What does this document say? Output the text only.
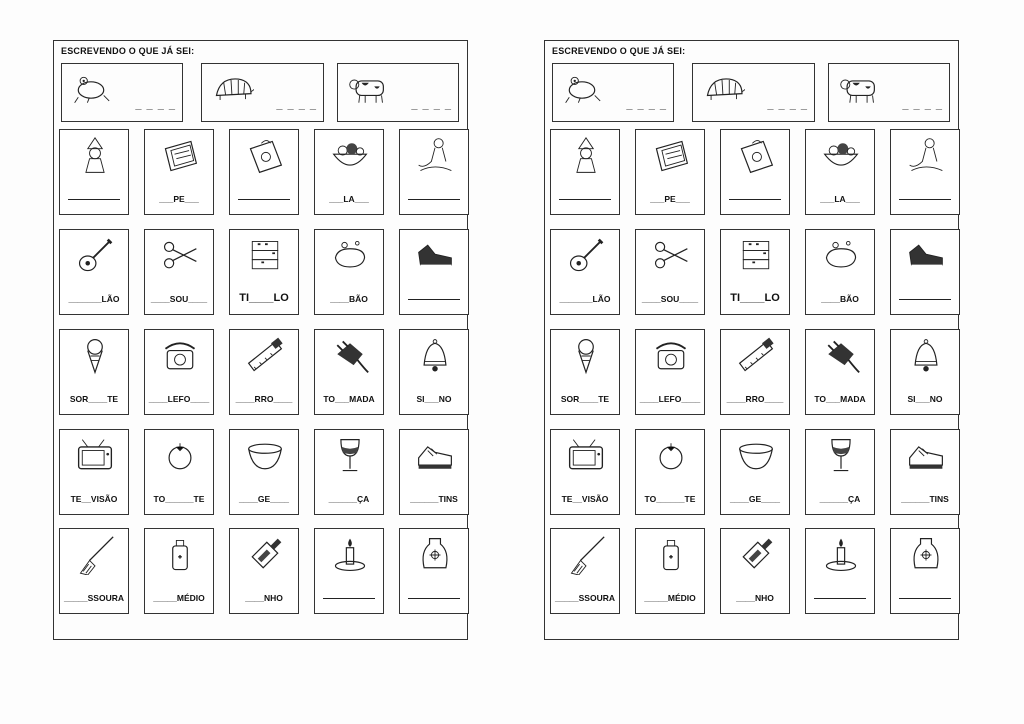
ESCREVENDO O QUE JÁ SEI:
_ _ _ _	_ _ _ _	_ _ _ _
___PE___	___LA___
_______LÃO	____SOU____	TI____LO	____BÃO
SOR____TE	____LEFO____	____RRO____	TO___MADA	SI___NO
TE__VISÃO	TO______TE	____GE____	______ÇA	______TINS
_____SSOURA	_____MÉDIO	____NHO
ESCREVENDO O QUE JÁ SEI:
_ _ _ _	_ _ _ _	_ _ _ _
___PE___	___LA___
_______LÃO	____SOU____	TI____LO	____BÃO
SOR____TE	____LEFO____	____RRO____	TO___MADA	SI___NO
TE__VISÃO	TO______TE	____GE____	______ÇA	______TINS
_____SSOURA	_____MÉDIO	____NHO
